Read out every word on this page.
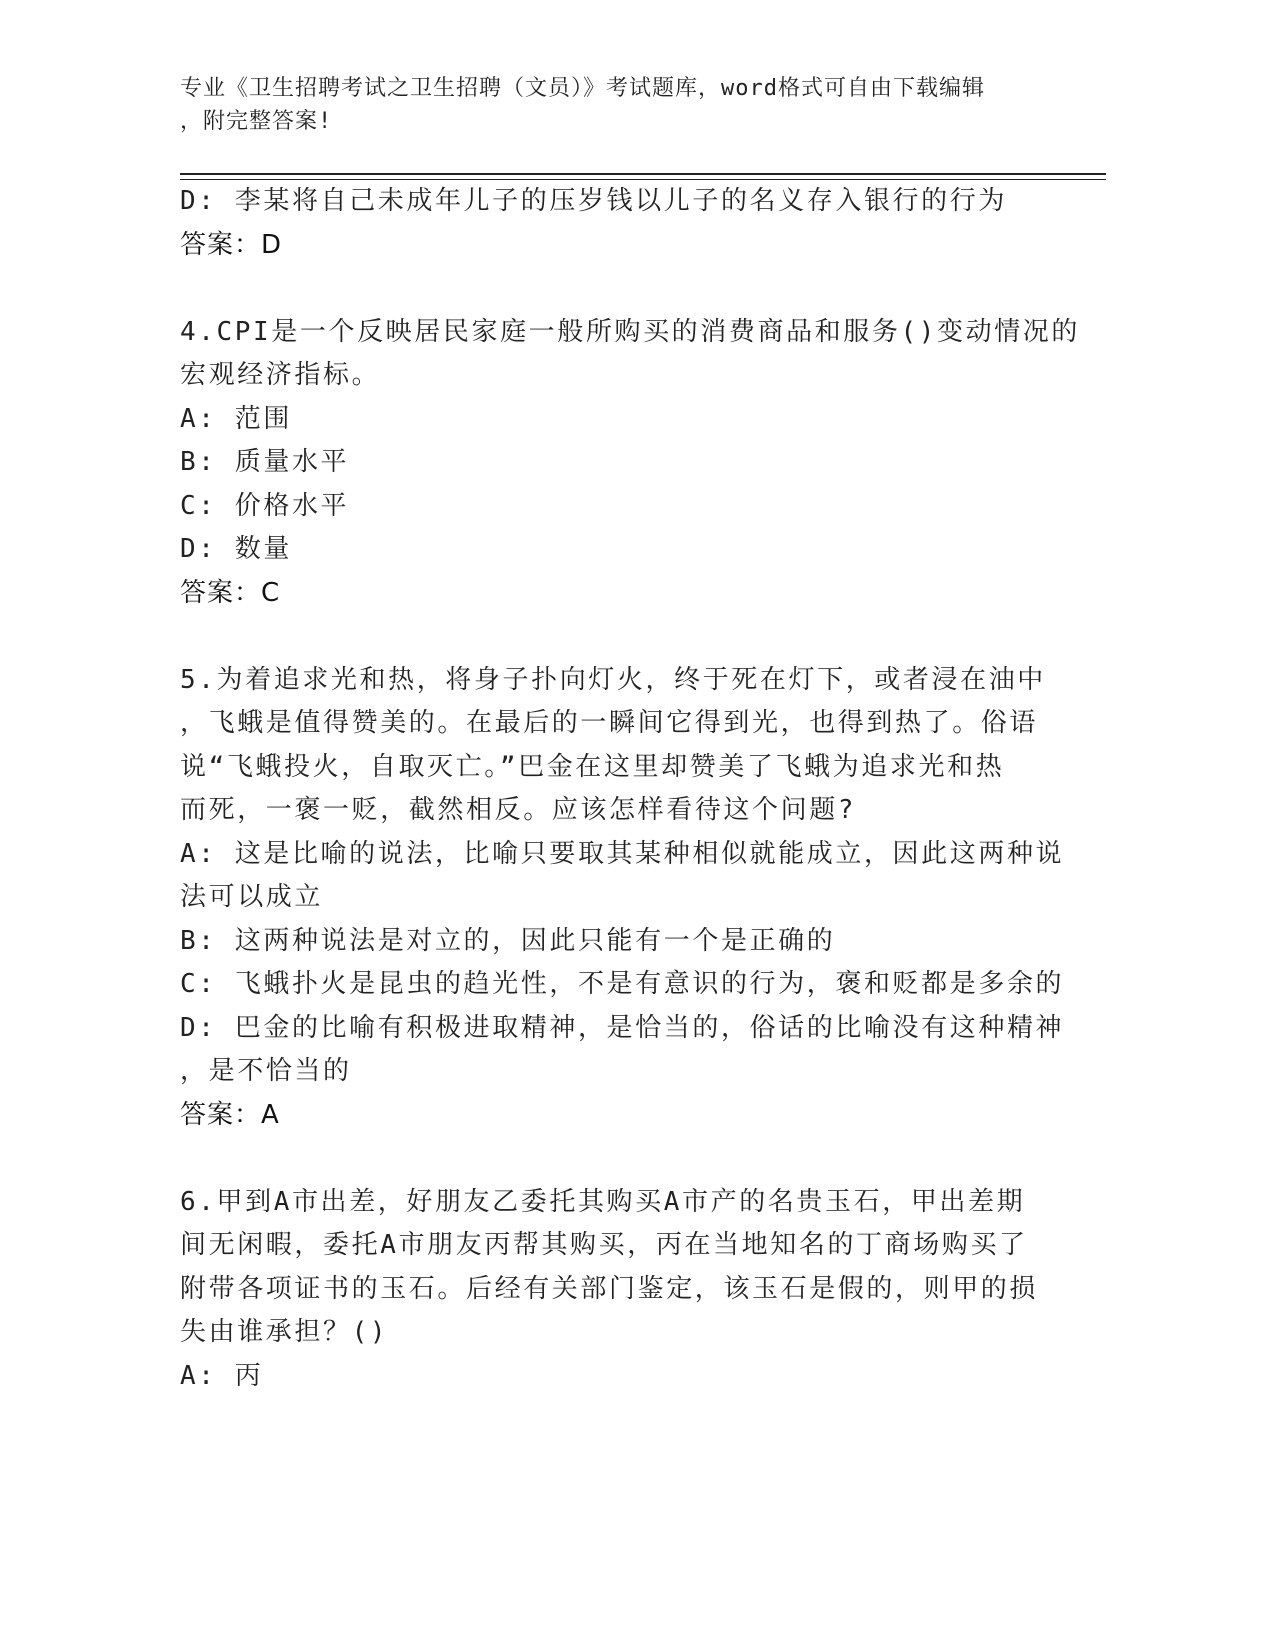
专业《卫生招聘考试之卫生招聘（文员）》考试题库，word格式可自由下载编辑
，附完整答案!
D: 李某将自己未成年儿子的压岁钱以儿子的名义存入银行的行为
答案：D
4.CPI是一个反映居民家庭一般所购买的消费商品和服务()变动情况的
宏观经济指标。
A: 范围
B: 质量水平
C: 价格水平
D: 数量
答案：C
5.为着追求光和热，将身子扑向灯火，终于死在灯下，或者浸在油中
，飞蛾是值得赞美的。在最后的一瞬间它得到光，也得到热了。俗语
说“飞蛾投火，自取灭亡。”巴金在这里却赞美了飞蛾为追求光和热
而死，一褒一贬，截然相反。应该怎样看待这个问题?
A: 这是比喻的说法，比喻只要取其某种相似就能成立，因此这两种说
法可以成立
B: 这两种说法是对立的，因此只能有一个是正确的
C: 飞蛾扑火是昆虫的趋光性，不是有意识的行为，褒和贬都是多余的
D: 巴金的比喻有积极进取精神，是恰当的，俗话的比喻没有这种精神
，是不恰当的
答案：A
6.甲到A市出差，好朋友乙委托其购买A市产的名贵玉石，甲出差期
间无闲暇，委托A市朋友丙帮其购买，丙在当地知名的丁商场购买了
附带各项证书的玉石。后经有关部门鉴定，该玉石是假的，则甲的损
失由谁承担？()
A: 丙
